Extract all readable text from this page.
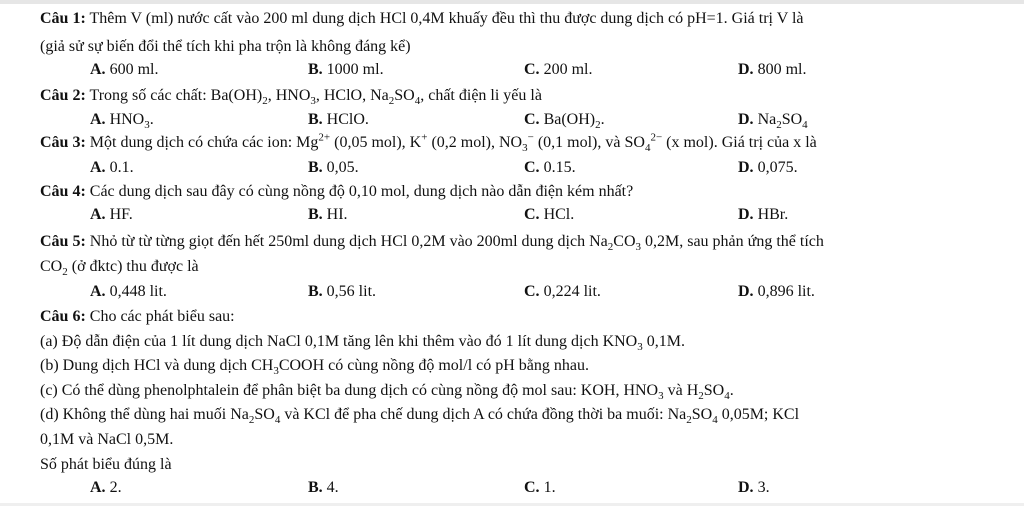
Câu 1: Thêm V (ml) nước cất vào 200 ml dung dịch HCl 0,4M khuấy đều thì thu được dung dịch có pH=1. Giá trị V là
(giả sử sự biến đổi thể tích khi pha trộn là không đáng kể)
A. 600 ml.	B. 1000 ml.	C. 200 ml.	D. 800 ml.
Câu 2: Trong số các chất: $Ba(OH)_2$, $HNO_3$, HClO, $Na_2SO_4$, chất điện li yếu là
A. $HNO_3$.	B. HClO.	C. $Ba(OH)_2$.	D. $Na_2SO_4$
Câu 3: Một dung dịch có chứa các ion: $Mg^{2+}$ (0,05 mol), K+ (0,2 mol), $NO_3^-$ (0,1 mol), và $SO_4^{2-}$ (x mol). Giá trị của x là
A. 0.1.	B. 0,05.	C. 0.15.	D. 0,075.
Câu 4: Các dung dịch sau đây có cùng nồng độ 0,10 mol, dung dịch nào dẫn điện kém nhất?
A. HF.	B. HI.	C. HCl.	D. HBr.
Câu 5: Nhỏ từ từ từng giọt đến hết 250ml dung dịch HCl 0,2M vào 200ml dung dịch $Na_2CO_3$ 0,2M, sau phản ứng thể tích
$CO_2$ (ở đktc) thu được là
A. 0,448 lit.	B. 0,56 lit.	C. 0,224 lit.	D. 0,896 lit.
Câu 6: Cho các phát biểu sau:
(a) Độ dẫn điện của 1 lít dung dịch NaCl 0,1M tăng lên khi thêm vào đó 1 lít dung dịch $KNO_3$ 0,1M.
(b) Dung dịch HCl và dung dịch $CH_3COOH$ có cùng nồng độ mol/l có pH bằng nhau.
(c) Có thể dùng phenolphtalein để phân biệt ba dung dịch có cùng nồng độ mol sau: KOH, $HNO_3$ và $H_2SO_4$.
(d) Không thể dùng hai muối $Na_2SO_4$ và KCl để pha chế dung dịch A có chứa đồng thời ba muối: $Na_2SO_4$ 0,05M; KCl
0,1M và NaCl 0,5M.
Số phát biểu đúng là
A. 2.	B. 4.	C. 1.	D. 3.
